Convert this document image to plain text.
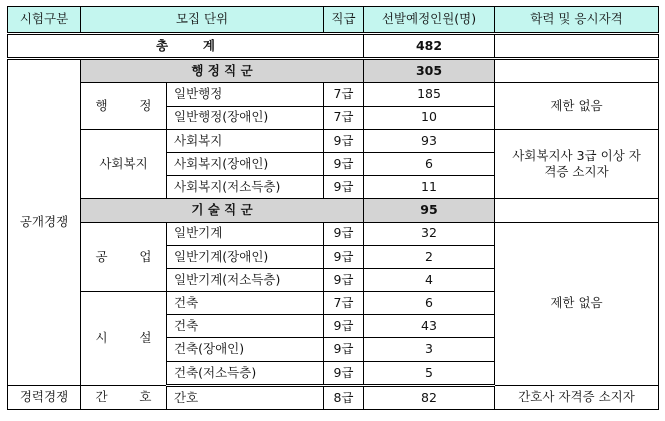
시험구분	모집 단위		직급	선발예정인원(명)	학력 및 응시자격
총        계				482	
공개경쟁	행 정 직 군			305	
	행        정	일반행정	7급	185	제한 없음
		일반행정(장애인)	7급	10	
	사회복지	사회복지	9급	93	사회복지사 3급 이상 자격증 소지자
		사회복지(장애인)	9급	6	
		사회복지(저소득층)	9급	11	
	기 술 직 군			95	
	공        업	일반기계	9급	32	제한 없음
		일반기계(장애인)	9급	2	
		일반기계(저소득층)	9급	4	
	시        설	건축	7급	6	
		건축	9급	43	
		건축(장애인)	9급	3	
		건축(저소득층)	9급	5	
경력경쟁	간        호	간호	8급	82	간호사 자격증 소지자
